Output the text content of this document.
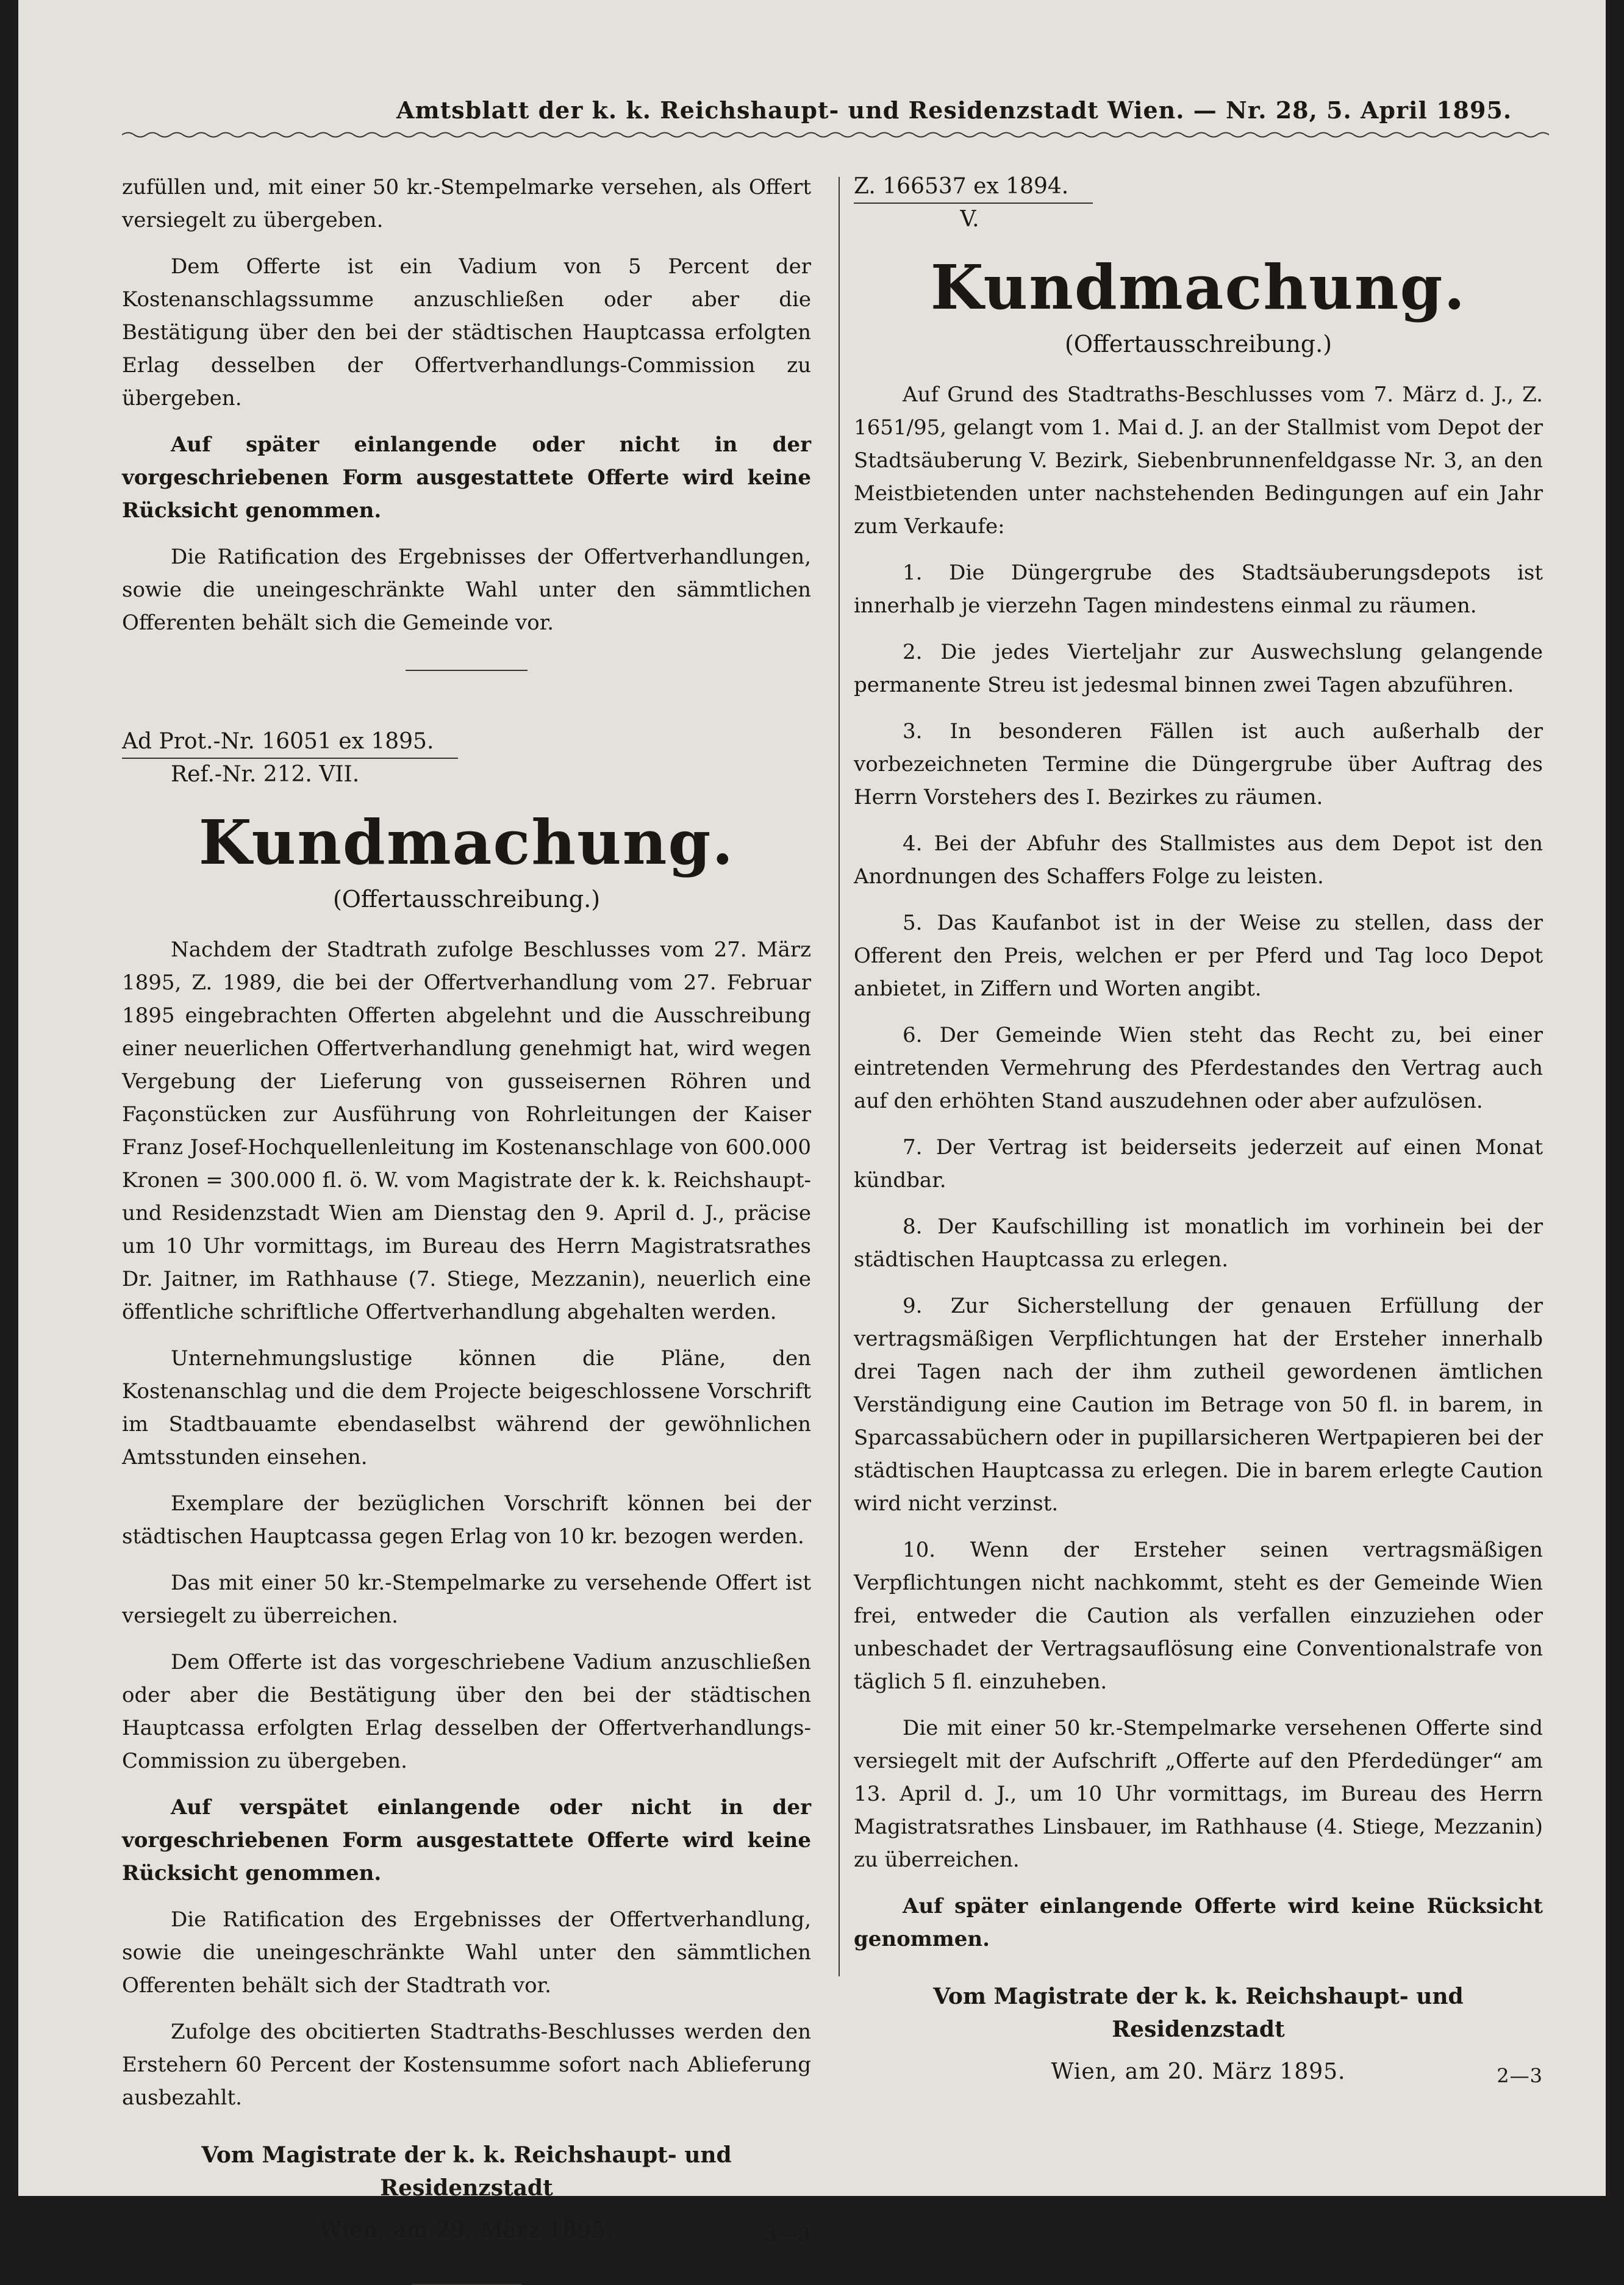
Amtsblatt der k. k. Reichshaupt- und Residenzstadt Wien. — Nr. 28, 5. April 1895.

zufüllen und, mit einer 50 kr.-Stempelmarke versehen, als Offert versiegelt zu übergeben.

Dem Offerte ist ein Vadium von 5 Percent der Kostenanschlagssumme anzuschließen oder aber die Bestätigung über den bei der städtischen Hauptcassa erfolgten Erlag desselben der Offertverhandlungs-Commission zu übergeben.

Auf später einlangende oder nicht in der vorgeschriebenen Form ausgestattete Offerte wird keine Rücksicht genommen.

Die Ratification des Ergebnisses der Offertverhandlungen, sowie die uneingeschränkte Wahl unter den sämmtlichen Offerenten behält sich die Gemeinde vor.

Ad Prot.-Nr. 16051 ex 1895.
Ref.-Nr. 212. VII.
Kundmachung.
(Offertausschreibung.)

Nachdem der Stadtrath zufolge Beschlusses vom 27. März 1895, Z. 1989, die bei der Offertverhandlung vom 27. Februar 1895 eingebrachten Offerten abgelehnt und die Ausschreibung einer neuerlichen Offertverhandlung genehmigt hat, wird wegen Vergebung der Lieferung von gusseisernen Röhren und Façonstücken zur Ausführung von Rohrleitungen der Kaiser Franz Josef-Hochquellenleitung im Kostenanschlage von 600.000 Kronen = 300.000 fl. ö. W. vom Magistrate der k. k. Reichshaupt- und Residenzstadt Wien am Dienstag den 9. April d. J., präcise um 10 Uhr vormittags, im Bureau des Herrn Magistratsrathes Dr. Jaitner, im Rathhause (7. Stiege, Mezzanin), neuerlich eine öffentliche schriftliche Offertverhandlung abgehalten werden.

Unternehmungslustige können die Pläne, den Kostenanschlag und die dem Projecte beigeschlossene Vorschrift im Stadtbauamte ebendaselbst während der gewöhnlichen Amtsstunden einsehen.

Exemplare der bezüglichen Vorschrift können bei der städtischen Hauptcassa gegen Erlag von 10 kr. bezogen werden.

Das mit einer 50 kr.-Stempelmarke zu versehende Offert ist versiegelt zu überreichen.

Dem Offerte ist das vorgeschriebene Vadium anzuschließen oder aber die Bestätigung über den bei der städtischen Hauptcassa erfolgten Erlag desselben der Offertverhandlungs-Commission zu übergeben.

Auf verspätet einlangende oder nicht in der vorgeschriebenen Form ausgestattete Offerte wird keine Rücksicht genommen.

Die Ratification des Ergebnisses der Offertverhandlung, sowie die uneingeschränkte Wahl unter den sämmtlichen Offerenten behält sich der Stadtrath vor.

Zufolge des obcitierten Stadtraths-Beschlusses werden den Erstehern 60 Percent der Kostensumme sofort nach Ablieferung ausbezahlt.

Vom Magistrate der k. k. Reichshaupt- und Residenzstadt
Wien, am 29. März 1895.	3—3
Z. 166537 ex 1894.
V.
Kundmachung.
(Offertausschreibung.)

Auf Grund des Stadtraths-Beschlusses vom 7. März d. J., Z. 1651/95, gelangt vom 1. Mai d. J. an der Stallmist vom Depot der Stadtsäuberung V. Bezirk, Siebenbrunnenfeldgasse Nr. 3, an den Meistbietenden unter nachstehenden Bedingungen auf ein Jahr zum Verkaufe:

1. Die Düngergrube des Stadtsäuberungsdepots ist innerhalb je vierzehn Tagen mindestens einmal zu räumen.

2. Die jedes Vierteljahr zur Auswechslung gelangende permanente Streu ist jedesmal binnen zwei Tagen abzuführen.

3. In besonderen Fällen ist auch außerhalb der vorbezeichneten Termine die Düngergrube über Auftrag des Herrn Vorstehers des I. Bezirkes zu räumen.

4. Bei der Abfuhr des Stallmistes aus dem Depot ist den Anordnungen des Schaffers Folge zu leisten.

5. Das Kaufanbot ist in der Weise zu stellen, dass der Offerent den Preis, welchen er per Pferd und Tag loco Depot anbietet, in Ziffern und Worten angibt.

6. Der Gemeinde Wien steht das Recht zu, bei einer eintretenden Vermehrung des Pferdestandes den Vertrag auch auf den erhöhten Stand auszudehnen oder aber aufzulösen.

7. Der Vertrag ist beiderseits jederzeit auf einen Monat kündbar.

8. Der Kaufschilling ist monatlich im vorhinein bei der städtischen Hauptcassa zu erlegen.

9. Zur Sicherstellung der genauen Erfüllung der vertragsmäßigen Verpflichtungen hat der Ersteher innerhalb drei Tagen nach der ihm zutheil gewordenen ämtlichen Verständigung eine Caution im Betrage von 50 fl. in barem, in Sparcassabüchern oder in pupillarsicheren Wertpapieren bei der städtischen Hauptcassa zu erlegen. Die in barem erlegte Caution wird nicht verzinst.

10. Wenn der Ersteher seinen vertragsmäßigen Verpflichtungen nicht nachkommt, steht es der Gemeinde Wien frei, entweder die Caution als verfallen einzuziehen oder unbeschadet der Vertragsauflösung eine Conventionalstrafe von täglich 5 fl. einzuheben.

Die mit einer 50 kr.-Stempelmarke versehenen Offerte sind versiegelt mit der Aufschrift „Offerte auf den Pferdedünger“ am 13. April d. J., um 10 Uhr vormittags, im Bureau des Herrn Magistratsrathes Linsbauer, im Rathhause (4. Stiege, Mezzanin) zu überreichen.

Auf später einlangende Offerte wird keine Rücksicht genommen.

Vom Magistrate der k. k. Reichshaupt- und Residenzstadt
Wien, am 20. März 1895.	2—3
